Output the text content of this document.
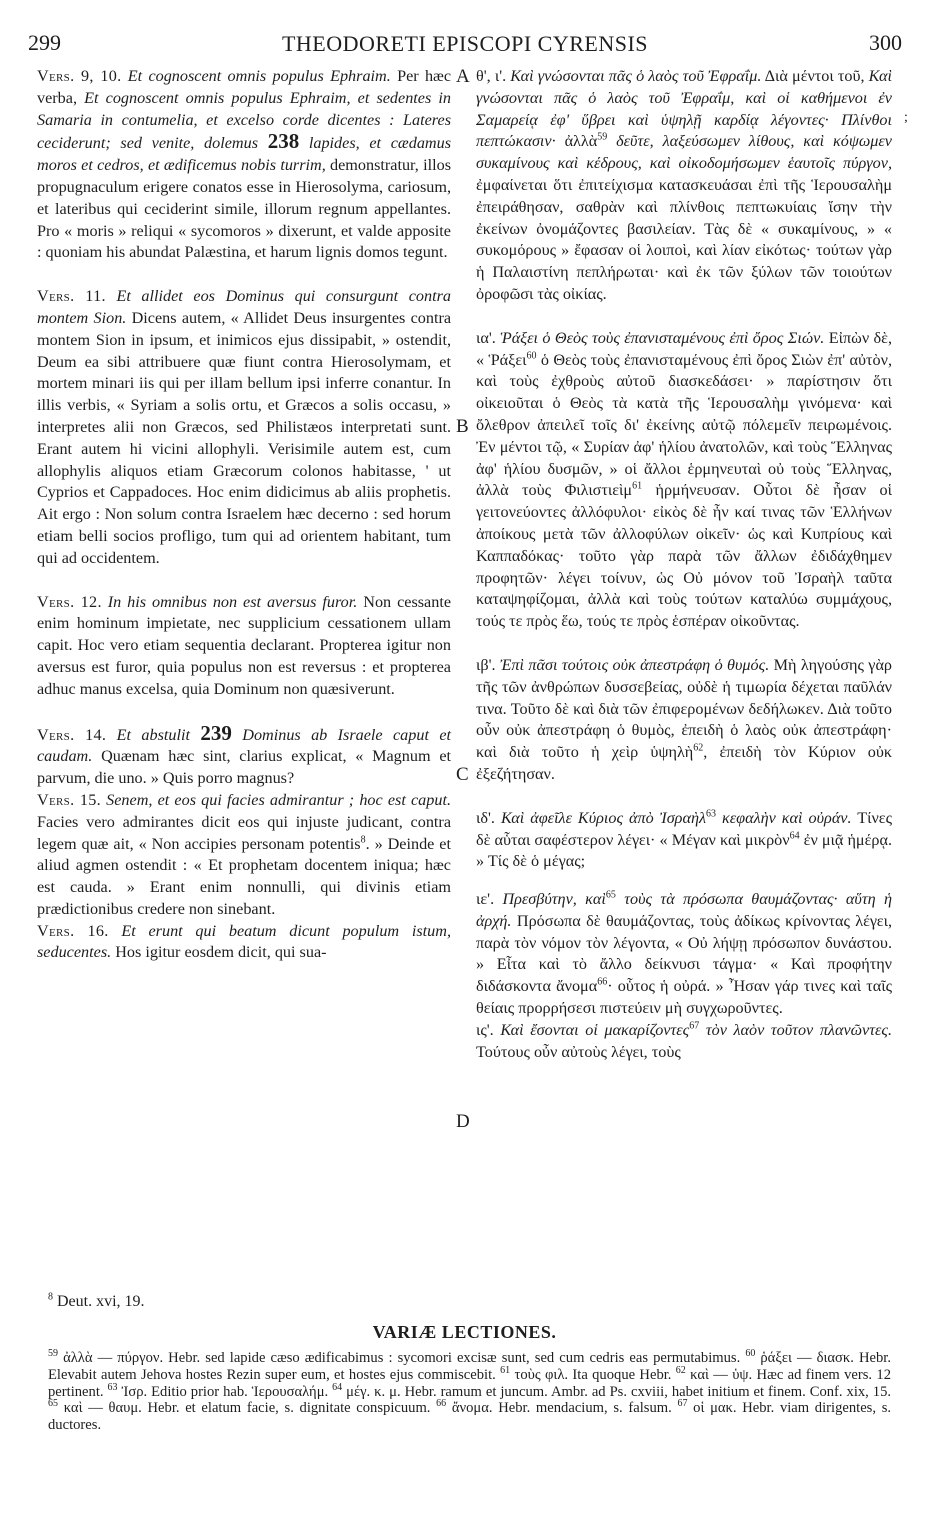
299	THEODORETI EPISCOPI CYRENSIS	300
;
A
B
C
D

Vers. 9, 10. Et cognoscent omnis populus Ephraim. Per hæc verba, Et cognoscent omnis populus Ephraim, et sedentes in Samaria in contumelia, et excelso corde dicentes : Lateres ceciderunt; sed venite, dolemus 238 lapides, et cædamus moros et cedros, et ædificemus nobis turrim, demonstratur, illos propugnaculum erigere conatos esse in Hierosolyma, cariosum, et lateribus qui ceciderint simile, illorum regnum appellantes. Pro « moris » reliqui « sycomoros » dixerunt, et valde apposite : quoniam his abundat Palæstina, et harum lignis domos tegunt.

Vers. 11. Et allidet eos Dominus qui consurgunt contra montem Sion. Dicens autem, « Allidet Deus insurgentes contra montem Sion in ipsum, et inimicos ejus dissipabit, » ostendit, Deum ea sibi attribuere quæ fiunt contra Hierosolymam, et mortem minari iis qui per illam bellum ipsi inferre conantur. In illis verbis, « Syriam a solis ortu, et Græcos a solis occasu, » interpretes alii non Græcos, sed Philistæos interpretati sunt. Erant autem hi vicini allophyli. Verisimile autem est, cum allophylis aliquos etiam Græcorum colonos habitasse, ' ut Cyprios et Cappadoces. Hoc enim didicimus ab aliis prophetis. Ait ergo : Non solum contra Israelem hæc decerno : sed horum etiam belli socios profligo, tum qui ad orientem habitant, tum qui ad occidentem.

Vers. 12. In his omnibus non est aversus furor. Non cessante enim hominum impietate, nec supplicium cessationem ullam capit. Hoc vero etiam sequentia declarant. Propterea igitur non aversus est furor, quia populus non est reversus : et propterea adhuc manus excelsa, quia Dominum non quæsiverunt.

Vers. 14. Et abstulit 239 Dominus ab Israele caput et caudam. Quænam hæc sint, clarius explicat, « Magnum et parvum, die uno. » Quis porro magnus?

Vers. 15. Senem, et eos qui facies admirantur ; hoc est caput. Facies vero admirantes dicit eos qui injuste judicant, contra legem quæ ait, « Non accipies personam potentis$^8$. » Deinde et aliud agmen ostendit : « Et prophetam docentem iniqua; hæc est cauda. » Erant enim nonnulli, qui divinis etiam prædictionibus credere non sinebant.

Vers. 16. Et erunt qui beatum dicunt populum istum, seducentes. Hos igitur eosdem dicit, qui sua-

θ', ι'. Καὶ γνώσονται πᾶς ὁ λαὸς τοῦ Ἐφραΐμ. Διὰ μέντοι τοῦ, Καὶ γνώσονται πᾶς ὁ λαὸς τοῦ Ἐφραΐμ, καὶ οἱ καθήμενοι ἐν Σαμαρείᾳ ἐφ' ὕβρει καὶ ὑψηλῇ καρδίᾳ λέγοντες· Πλίνθοι πεπτώκασιν· ἀλλὰ$^{59}$ δεῦτε, λαξεύσωμεν λίθους, καὶ κόψωμεν συκαμίνους καὶ κέδρους, καὶ οἰκοδομήσωμεν ἑαυτοῖς πύργον, ἐμφαίνεται ὅτι ἐπιτείχισμα κατασκευάσαι ἐπὶ τῆς Ἱερουσαλὴμ ἐπειράθησαν, σαθρὰν καὶ πλίνθοις πεπτωκυίαις ἴσην τὴν ἐκείνων ὀνομάζοντες βασιλείαν. Τὰς δὲ « συκαμίνους, » « συκομόρους » ἔφασαν οἱ λοιποὶ, καὶ λίαν εἰκότως· τούτων γὰρ ἡ Παλαιστίνη πεπλήρωται· καὶ ἐκ τῶν ξύλων τῶν τοιούτων ὀροφῶσι τὰς οἰκίας.

ια'. Ῥάξει ὁ Θεὸς τοὺς ἐπανισταμένους ἐπὶ ὄρος Σιών. Εἰπὼν δὲ, « Ῥάξει$^{60}$ ὁ Θεὸς τοὺς ἐπανισταμένους ἐπὶ ὄρος Σιὼν ἐπ' αὐτὸν, καὶ τοὺς ἐχθροὺς αὐτοῦ διασκεδάσει· » παρίστησιν ὅτι οἰκειοῦται ὁ Θεὸς τὰ κατὰ τῆς Ἱερουσαλὴμ γινόμενα· καὶ ὄλεθρον ἀπειλεῖ τοῖς δι' ἐκείνης αὐτῷ πόλεμεῖν πειρωμένοις. Ἐν μέντοι τῷ, « Συρίαν ἀφ' ἡλίου ἀνατολῶν, καὶ τοὺς Ἕλληνας ἀφ' ἡλίου δυσμῶν, » οἱ ἄλλοι ἑρμηνευταὶ οὐ τοὺς Ἕλληνας, ἀλλὰ τοὺς Φιλιστιεὶμ$^{61}$ ἡρμήνευσαν. Οὗτοι δὲ ἦσαν οἱ γειτονεύοντες ἀλλόφυλοι· εἰκὸς δὲ ἦν καί τινας τῶν Ἑλλήνων ἀποίκους μετὰ τῶν ἀλλοφύλων οἰκεῖν· ὡς καὶ Κυπρίους καὶ Καππαδόκας· τοῦτο γὰρ παρὰ τῶν ἄλλων ἐδιδάχθημεν προφητῶν· λέγει τοίνυν, ὡς Οὐ μόνον τοῦ Ἰσραὴλ ταῦτα καταψηφίζομαι, ἀλλὰ καὶ τοὺς τούτων καταλύω συμμάχους, τούς τε πρὸς ἕω, τούς τε πρὸς ἑσπέραν οἰκοῦντας.

ιβ'. Ἐπὶ πᾶσι τούτοις οὐκ ἀπεστράφη ὁ θυμός. Μὴ ληγούσης γὰρ τῆς τῶν ἀνθρώπων δυσσεβείας, οὐδὲ ἡ τιμωρία δέχεται παῦλάν τινα. Τοῦτο δὲ καὶ διὰ τῶν ἐπιφερομένων δεδήλωκεν. Διὰ τοῦτο οὖν οὐκ ἀπεστράφη ὁ θυμὸς, ἐπειδὴ ὁ λαὸς οὐκ ἀπεστράφη· καὶ διὰ τοῦτο ἡ χεὶρ ὑψηλὴ$^{62}$, ἐπειδὴ τὸν Κύριον οὐκ ἐξεζήτησαν.

ιδ'. Καὶ ἀφεῖλε Κύριος ἀπὸ Ἰσραὴλ$^{63}$ κεφαλὴν καὶ οὐράν. Τίνες δὲ αὗται σαφέστερον λέγει· « Μέγαν καὶ μικρὸν$^{64}$ ἐν μιᾷ ἡμέρᾳ. » Τίς δὲ ὁ μέγας;

ιε'. Πρεσβύτην, καὶ$^{65}$ τοὺς τὰ πρόσωπα θαυμάζοντας· αὕτη ἡ ἀρχή. Πρόσωπα δὲ θαυμάζοντας, τοὺς ἀδίκως κρίνοντας λέγει, παρὰ τὸν νόμον τὸν λέγοντα, « Οὐ λήψῃ πρόσωπον δυνάστου. » Εἶτα καὶ τὸ ἄλλο δείκνυσι τάγμα· « Καὶ προφήτην διδάσκοντα ἄνομα$^{66}$· οὗτος ἡ οὐρά. » Ἦσαν γάρ τινες καὶ ταῖς θείαις προρρήσεσι πιστεύειν μὴ συγχωροῦντες.

ις'. Καὶ ἔσονται οἱ μακαρίζοντες$^{67}$ τὸν λαὸν τοῦτον πλανῶντες. Τούτους οὖν αὐτοὺς λέγει, τοὺς

$^8$ Deut. xvi, 19.
VARIÆ LECTIONES.
$^{59}$ ἀλλὰ — πύργον. Hebr. sed lapide cæso ædificabimus : sycomori excisæ sunt, sed cum cedris eas permutabimus. $^{60}$ ῥάξει — διασκ. Hebr. Elevabit autem Jehova hostes Rezin super eum, et hostes ejus commiscebit. $^{61}$ τοὺς φιλ. Ita quoque Hebr. $^{62}$ καὶ — ὑψ. Hæc ad finem vers. 12 pertinent. $^{63}$ Ἰσρ. Editio prior hab. Ἱερουσαλήμ. $^{64}$ μέγ. κ. μ. Hebr. ramum et juncum. Ambr. ad Ps. cxviii, habet initium et finem. Conf. xix, 15. $^{65}$ καὶ — θαυμ. Hebr. et elatum facie, s. dignitate conspicuum. $^{66}$ ἄνομα. Hebr. mendacium, s. falsum. $^{67}$ οἱ μακ. Hebr. viam dirigentes, s. ductores.
